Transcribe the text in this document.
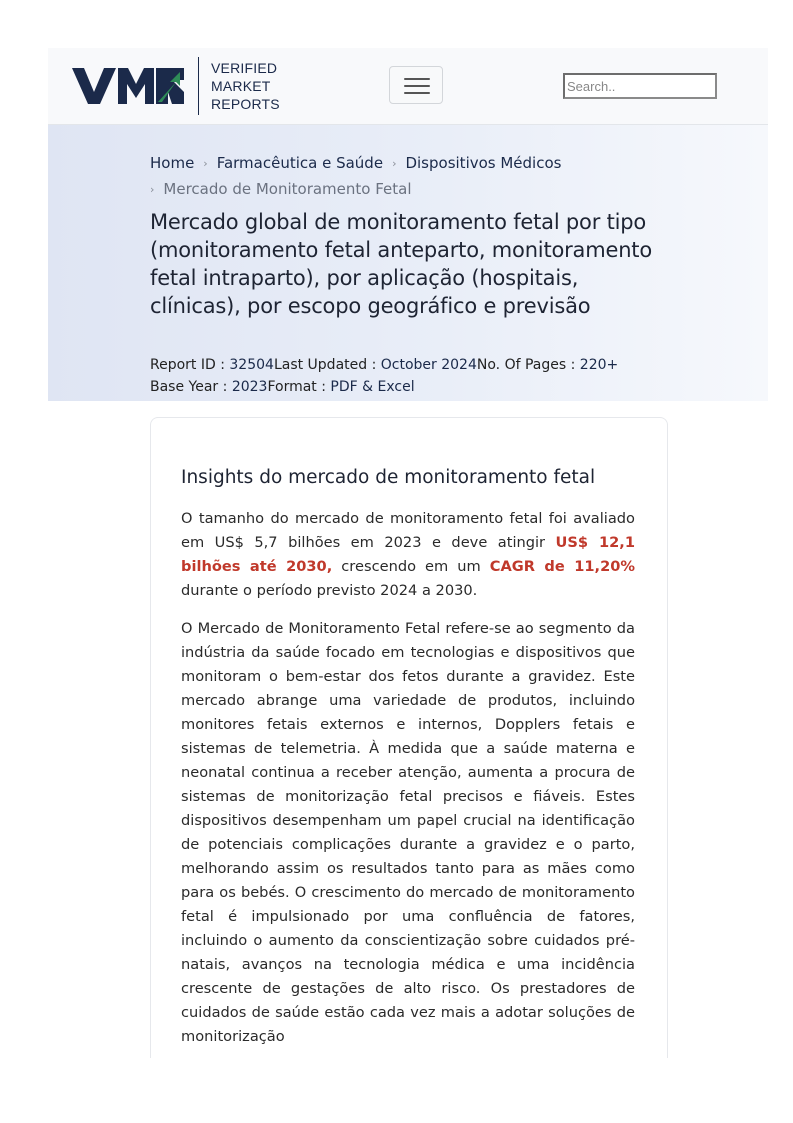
VERIFIED
MARKET
REPORTS
Search..
Home › Farmacêutica e Saúde › Dispositivos Médicos
› Mercado de Monitoramento Fetal
Mercado global de monitoramento fetal por tipo (monitoramento fetal anteparto, monitoramento fetal intraparto), por aplicação (hospitais, clínicas), por escopo geográfico e previsão
Report ID : 32504Last Updated : October 2024No. Of Pages : 220+
Base Year : 2023Format : PDF & Excel
Insights do mercado de monitoramento fetal

O tamanho do mercado de monitoramento fetal foi avaliado em US$ 5,7 bilhões em 2023 e deve atingir US$ 12,1 bilhões até 2030, crescendo em um CAGR de 11,20% durante o período previsto 2024 a 2030.

O Mercado de Monitoramento Fetal refere-se ao segmento da indústria da saúde focado em tecnologias e dispositivos que monitoram o bem-estar dos fetos durante a gravidez. Este mercado abrange uma variedade de produtos, incluindo monitores fetais externos e internos, Dopplers fetais e sistemas de telemetria. À medida que a saúde materna e neonatal continua a receber atenção, aumenta a procura de sistemas de monitorização fetal precisos e fiáveis. Estes dispositivos desempenham um papel crucial na identificação de potenciais complicações durante a gravidez e o parto, melhorando assim os resultados tanto para as mães como para os bebés. O crescimento do mercado de monitoramento fetal é impulsionado por uma confluência de fatores, incluindo o aumento da conscientização sobre cuidados pré-natais, avanços na tecnologia médica e uma incidência crescente de gestações de alto risco. Os prestadores de cuidados de saúde estão cada vez mais a adotar soluções de monitorização
